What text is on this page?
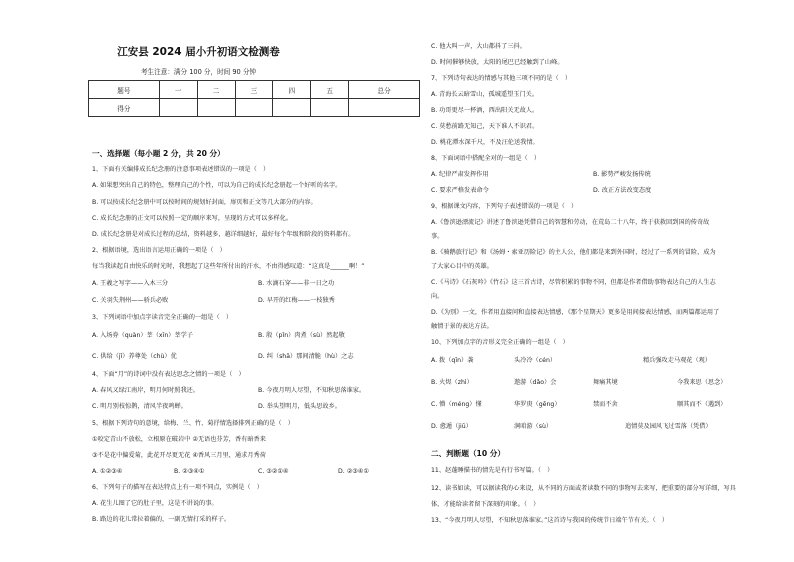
江安县 2024 届小升初语文检测卷
考生注意：满分 100 分，时间 90 分钟
题号	一	二	三	四	五	总分
得分						
一、选择题（每小题 2 分，共 20 分）
1、下面有关编排成长纪念册的注意事项表述错误的一项是（　）
A. 如果想突出自己的特色，整理自己的个性，可以为自己的成长纪念册起一个好听的名字。
B. 可以按成长纪念册中可以按时间的规划好封面，扉页和正文等几大部分的内容。
C. 成长纪念册的正文可以按照一定的顺序来写，呈现的方式可以多样化。
D. 成长纪念册是对成长过程的总结，资料越多，越详细越好，最好每个年级和阶段的资料都有。
2、根据语境，选出语言运用正确的一项是（　）
每当我读起自由快乐的时光时，我想起了这些年所付出的汗水，不由得感叹道：“这真是______啊！”
A. 王羲之写字——入木三分	B. 水滴石穿——非一日之功
C. 关羽失荆州——骄兵必败	D. 早开的红梅——一枝独秀
3、下列词语中加点字读音完全正确的一组是（　）
A. 入场券（quàn）莘（xīn）莘学子	B. 殷（pǐn）肉煮（sù）然起敬
C. 供给（jǐ）养尊处（chù）优	D. 纠（shā）那间清脆（hù）之志
4、下面“月”的诗词中没有表达思念之情的一项是（　）
A. 春风又绿江南岸，明月何时照我还。	B. 今夜月明人尽望，不知秋思落谁家。
C. 明月别枝惊鹊，清风半夜鸣蝉。	D. 举头望明月，低头思故乡。
5、根据下列诗句的意境，给梅、兰、竹、菊抒情选择排列正确的是（　）
①咬定青山不放松，立根原在破岩中 ②无语也芬芳，香有暗香来
③不是花中偏爱菊，此花开尽更无花 ④香风三月里，通求月秀荷
A. ①②③④	B. ②③④①	C. ③②①④	D. ②③④①
6、下列句子的描写在表达特点上有一项不同点，实例是（　）
A. 花生儿图了它的肚子里，这是不讲说的事。
B. 路边的花儿常拉着偏的，一副无情打采的样子。
C. 他大叫一声，大山都抖了三抖。
D. 时间催够快放，太阳的尾巴已经触到了山峰。
7、下列诗句表达的情感与其他三项不同的是（　）
A. 青海长云暗雪山，孤城遥望玉门关。
B. 功哥更尽一杯酒，西出阳关无故人。
C. 莫愁前路无知己，天下谁人不识君。
D. 桃花潭水深千尺，不及汪伦送我情。
8、下面词语中搭配全对的一组是（　）
A. 纪律严肃发挥作用	B. 影势严峻发扬传统
C. 要求严格发表命令	D. 改正方法改变态度
9、根据课文内容，下列句子表述错误的一项是（　）
A.《鲁滨逊漂流记》讲述了鲁滨逊凭借自己的智慧和劳动，在荒岛二十八年，终于获救回到国的传奇故
事。
B.《骑鹅旅行记》和《汤姆・索亚历险记》的主人公，他们都是来到外国时，经过了一系列的冒险，成为
了大家心目中的英雄。
C.《马诗》《石灰吟》《竹石》这三首古诗，尽管积累的事物不同，但都是作者借助事物表达自己的人生志
向。
D.《为别》一文，作者用直接问和直接表达情感，《那个星期天》更多是用间接表达情感，而两篇都运用了
触情于景的表达方法。
10、下列加点字的音形义完全正确的一组是（　）
A. 拨（qīn）袭	头冷冷（cén）	精兵强攻走马观花（观）
B. 火烬（zhì）	遨游（dǎo）会	舞痛其境	今我来思（思念）
C. 懵（méng）懂	华罗庚（gēng）	禁而不舍	顺其而不（遇到）
D. 愈遁（jiū）	涧咱游（sù）	追情莫及园风飞过雪落（凭借）
二、判断题（10 分）
11、赵蓬睡描书的情先是有行书写篇。（　）
12、读书如读，可以据读我的心来设，从不同的方面或者读数不同的事物写去来写，把重要的部分写详细，写具
体，才能给读者留下深刻的印象。（　）
13、“今夜月明人尽望，不知秋思落谁家。”这首诗与我国的传统节日端午节有关。（　）
